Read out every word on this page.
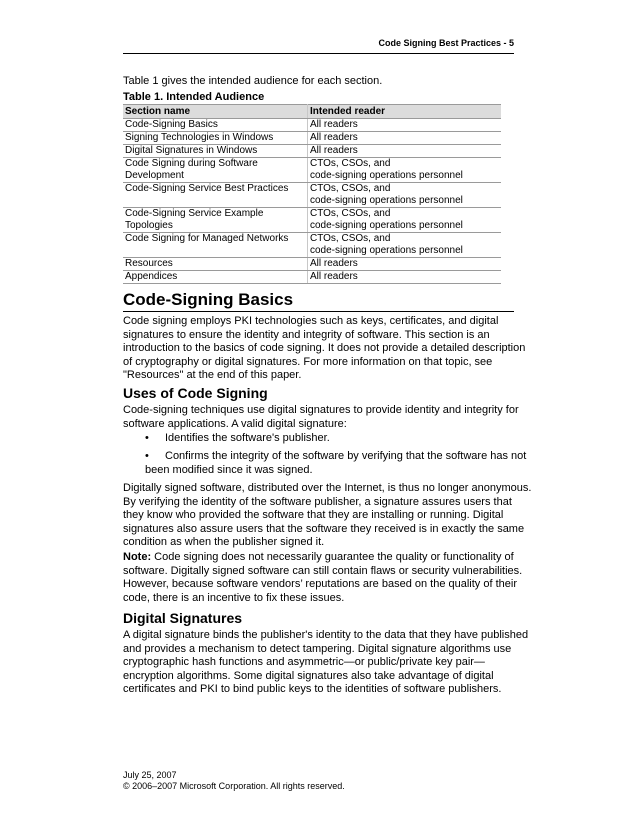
Code Signing Best Practices - 5
Table 1 gives the intended audience for each section.
Table 1. Intended Audience
Section name	Intended reader

Code-Signing Basics	All readers

Signing Technologies in Windows	All readers

Digital Signatures in Windows	All readers

Code Signing during Software
Development	CTOs, CSOs, and
code-signing operations personnel

Code-Signing Service Best Practices	CTOs, CSOs, and
code-signing operations personnel

Code-Signing Service Example
Topologies	CTOs, CSOs, and
code-signing operations personnel

Code Signing for Managed Networks	CTOs, CSOs, and
code-signing operations personnel

Resources	All readers

Appendices	All readers
Code-Signing Basics
Code signing employs PKI technologies such as keys, certificates, and digital
signatures to ensure the identity and integrity of software. This section is an
introduction to the basics of code signing. It does not provide a detailed description
of cryptography or digital signatures. For more information on that topic, see
"Resources" at the end of this paper.
Uses of Code Signing
Code-signing techniques use digital signatures to provide identity and integrity for
software applications. A valid digital signature:
• Identifies the software's publisher.
•	Confirms the integrity of the software by verifying that the software has not
been modified since it was signed.
Digitally signed software, distributed over the Internet, is thus no longer anonymous.
By verifying the identity of the software publisher, a signature assures users that
they know who provided the software that they are installing or running. Digital
signatures also assure users that the software they received is in exactly the same
condition as when the publisher signed it.
Note: Code signing does not necessarily guarantee the quality or functionality of
software. Digitally signed software can still contain flaws or security vulnerabilities.
However, because software vendors’ reputations are based on the quality of their
code, there is an incentive to fix these issues.
Digital Signatures
A digital signature binds the publisher's identity to the data that they have published
and provides a mechanism to detect tampering. Digital signature algorithms use
cryptographic hash functions and asymmetric—or public/private key pair—
encryption algorithms. Some digital signatures also take advantage of digital
certificates and PKI to bind public keys to the identities of software publishers.
July 25, 2007
© 2006–2007 Microsoft Corporation. All rights reserved.
